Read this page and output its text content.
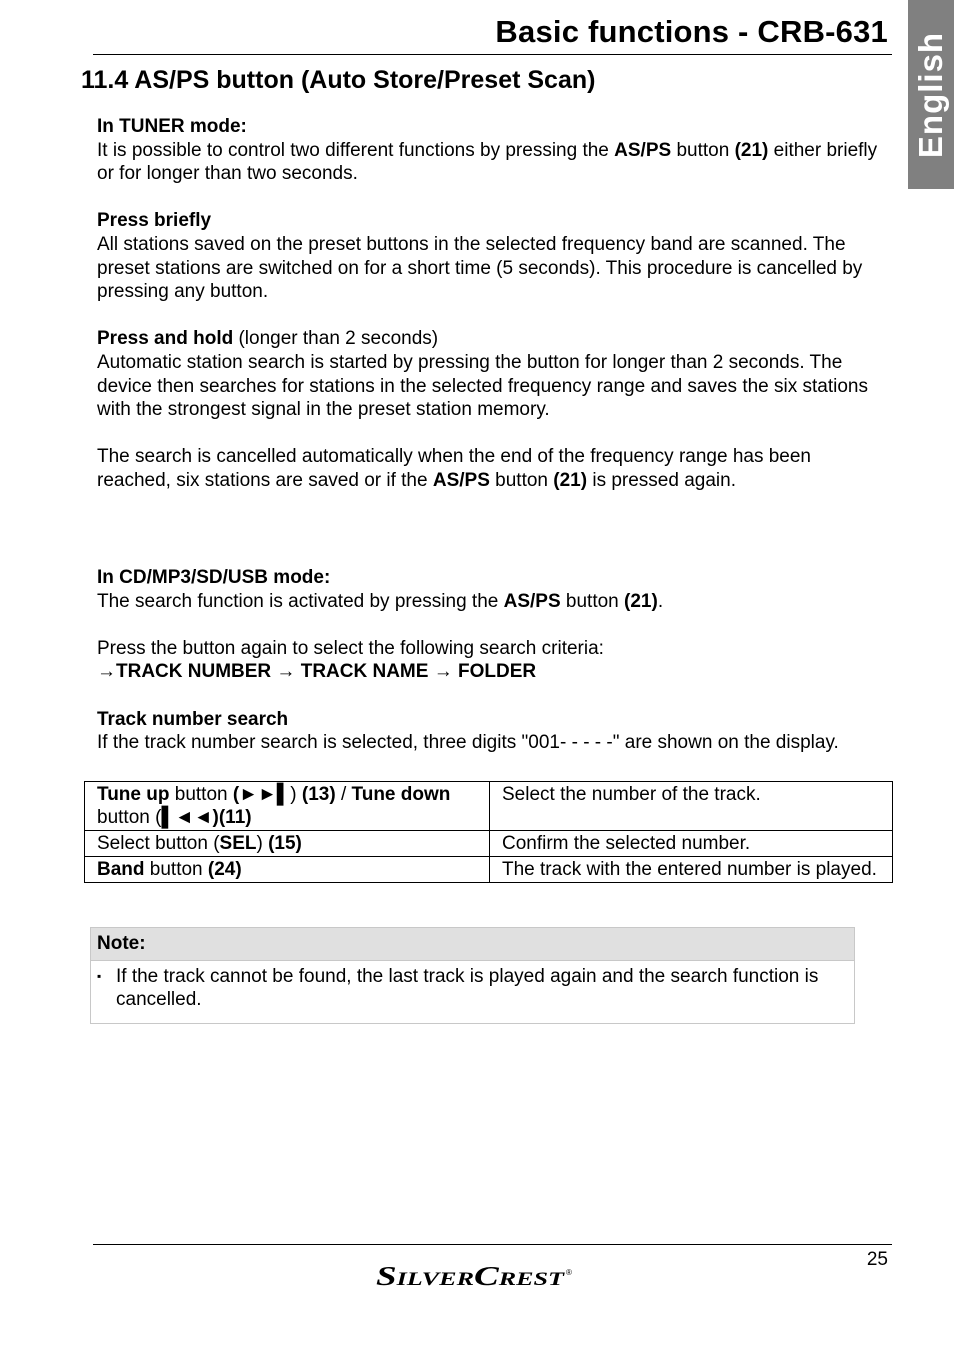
Basic functions - CRB-631 English
11.4 AS/PS button (Auto Store/Preset Scan)

In TUNER mode:

It is possible to control two different functions by pressing the AS/PS button (21) either briefly or for longer than two seconds.

Press briefly

All stations saved on the preset buttons in the selected frequency band are scanned. The preset stations are switched on for a short time (5 seconds). This procedure is cancelled by pressing any button.

Press and hold (longer than 2 seconds)

Automatic station search is started by pressing the button for longer than 2 seconds. The device then searches for stations in the selected frequency range and saves the six stations with the strongest signal in the preset station memory.

The search is cancelled automatically when the end of the frequency range has been reached, six stations are saved or if the AS/PS button (21) is pressed again.

In CD/MP3/SD/USB mode:

The search function is activated by pressing the AS/PS button (21).

Press the button again to select the following search criteria:

→TRACK NUMBER → TRACK NAME → FOLDER

Track number search

If the track number search is selected, three digits "001- - - - -" are shown on the display.

Tune up button (►►▌) (13) / Tune down button (▌◄◄)(11)	Select the number of the track.
Select button (SEL) (15)	Confirm the selected number.
Band button (24)	The track with the entered number is played.
Note:
▪ If the track cannot be found, the last track is played again and the search function is cancelled.
25
SilverCrest ®
